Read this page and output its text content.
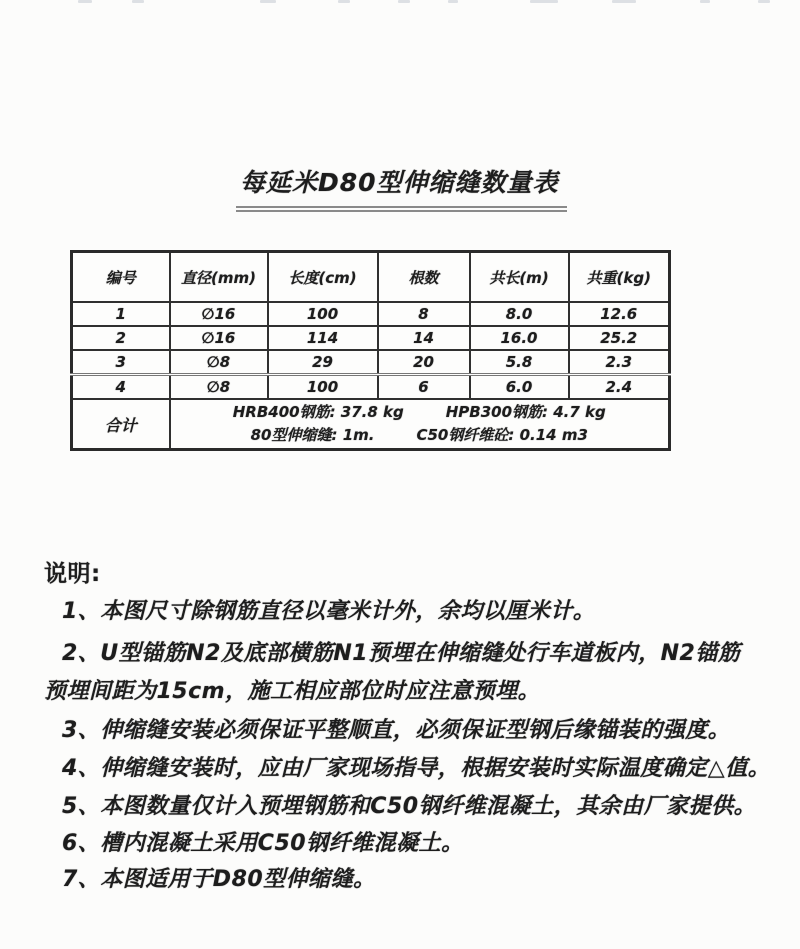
每延米D80型伸缩缝数量表
编号	直径(mm)	长度(cm)	根数	共长(m)	共重(kg)
1	∅16	100	8	8.0	12.6
2	∅16	114	14	16.0	25.2
3	∅8	29	20	5.8	2.3
4	∅8	100	6	6.0	2.4
合计	HRB400钢筋: 37.8 kg HPB300钢筋: 4.7 kg
80型伸缩缝: 1m. C50钢纤维砼: 0.14 m3				
说明:
1、本图尺寸除钢筋直径以毫米计外，余均以厘米计。
2、U型锚筋N2及底部横筋N1预埋在伸缩缝处行车道板内，N2锚筋
预埋间距为15cm，施工相应部位时应注意预埋。
3、伸缩缝安装必须保证平整顺直，必须保证型钢后缘锚装的强度。
4、伸缩缝安装时，应由厂家现场指导，根据安装时实际温度确定△值。
5、本图数量仅计入预埋钢筋和C50钢纤维混凝土，其余由厂家提供。
6、槽内混凝土采用C50钢纤维混凝土。
7、本图适用于D80型伸缩缝。
